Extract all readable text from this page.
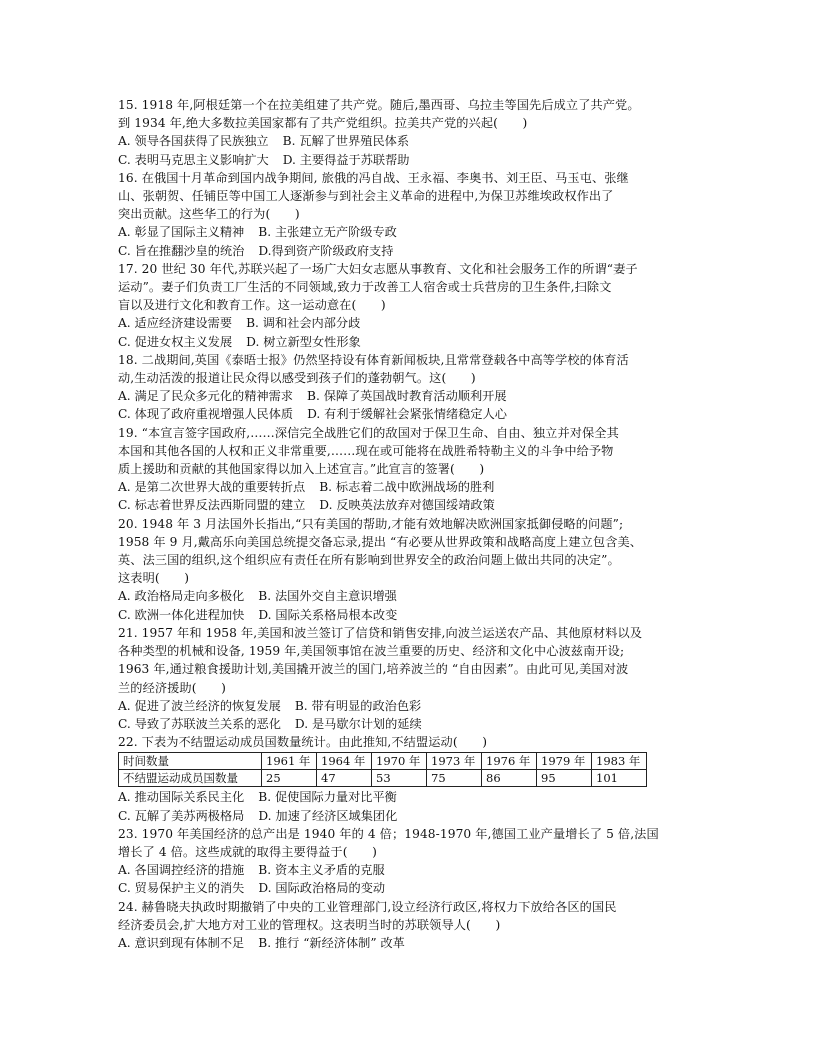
15. 1918 年,阿根廷第一个在拉美组建了共产党。随后,墨西哥、乌拉圭等国先后成立了共产党。
到 1934 年,绝大多数拉美国家都有了共产党组织。拉美共产党的兴起(　　)
A. 领导各国获得了民族独立 B. 瓦解了世界殖民体系
C. 表明马克思主义影响扩大 D. 主要得益于苏联帮助
16. 在俄国十月革命到国内战争期间, 旅俄的冯自战、王永福、李奥书、刘王臣、马玉屯、张继
山、张朝贺、任铺臣等中国工人逐渐参与到社会主义革命的进程中,为保卫苏维埃政权作出了
突出贡献。这些华工的行为(　　)
A. 彰显了国际主义精神 B. 主张建立无产阶级专政
C. 旨在推翻沙皇的统治 D.得到资产阶级政府支持
17. 20 世纪 30 年代,苏联兴起了一场广大妇女志愿从事教育、文化和社会服务工作的所谓“妻子
运动”。妻子们负责工厂生活的不同领域,致力于改善工人宿舍或士兵营房的卫生条件,扫除文
盲以及进行文化和教育工作。这一运动意在(　　)
A. 适应经济建设需要 B. 调和社会内部分歧
C. 促进女权主义发展 D. 树立新型女性形象
18. 二战期间,英国《泰晤士报》仍然坚持设有体育新闻板块,且常常登载各中高等学校的体育活
动,生动活泼的报道让民众得以感受到孩子们的蓬勃朝气。这(　　)
A. 满足了民众多元化的精神需求 B. 保障了英国战时教育活动顺利开展
C. 体现了政府重视增强人民体质 D. 有利于缓解社会紧张情绪稳定人心
19. “本宣言签字国政府,……深信完全战胜它们的敌国对于保卫生命、自由、独立并对保全其
本国和其他各国的人权和正义非常重要,……现在或可能将在战胜希特勒主义的斗争中给予物
质上援助和贡献的其他国家得以加入上述宣言。”此宣言的签署(　　)
A. 是第二次世界大战的重要转折点 B. 标志着二战中欧洲战场的胜利
C. 标志着世界反法西斯同盟的建立 D. 反映英法放弃对德国绥靖政策
20. 1948 年 3 月法国外长指出,“只有美国的帮助,才能有效地解决欧洲国家抵御侵略的问题”;
1958 年 9 月,戴高乐向美国总统提交备忘录,提出 “有必要从世界政策和战略高度上建立包含美、
英、法三国的组织,这个组织应有责任在所有影响到世界安全的政治问题上做出共同的决定”。
这表明(　　)
A. 政治格局走向多极化 B. 法国外交自主意识增强
C. 欧洲一体化进程加快 D. 国际关系格局根本改变
21. 1957 年和 1958 年,美国和波兰签订了信贷和销售安排,向波兰运送农产品、其他原材料以及
各种类型的机械和设备, 1959 年,美国领事馆在波兰重要的历史、经济和文化中心波兹南开设;
1963 年,通过粮食援助计划,美国撬开波兰的国门,培养波兰的 “自由因素”。由此可见,美国对波
兰的经济援助(　　)
A. 促进了波兰经济的恢复发展 B. 带有明显的政治色彩
C. 导致了苏联波兰关系的恶化 D. 是马歇尔计划的延续
22. 下表为不结盟运动成员国数量统计。由此推知,不结盟运动(　　)
时间数量	1961 年	1964 年	1970 年	1973 年	1976 年	1979 年	1983 年
不结盟运动成员国数量	25	47	53	75	86	95	101
A. 推动国际关系民主化 B. 促使国际力量对比平衡
C. 瓦解了美苏两极格局 D. 加速了经济区域集团化
23. 1970 年美国经济的总产出是 1940 年的 4 倍；1948-1970 年,德国工业产量增长了 5 倍,法国
增长了 4 倍。这些成就的取得主要得益于(　　)
A. 各国调控经济的措施 B. 资本主义矛盾的克服
C. 贸易保护主义的消失 D. 国际政治格局的变动
24. 赫鲁晓夫执政时期撤销了中央的工业管理部门,设立经济行政区,将权力下放给各区的国民
经济委员会,扩大地方对工业的管理权。这表明当时的苏联领导人(　　)
A. 意识到现有体制不足 B. 推行 “新经济体制” 改革
